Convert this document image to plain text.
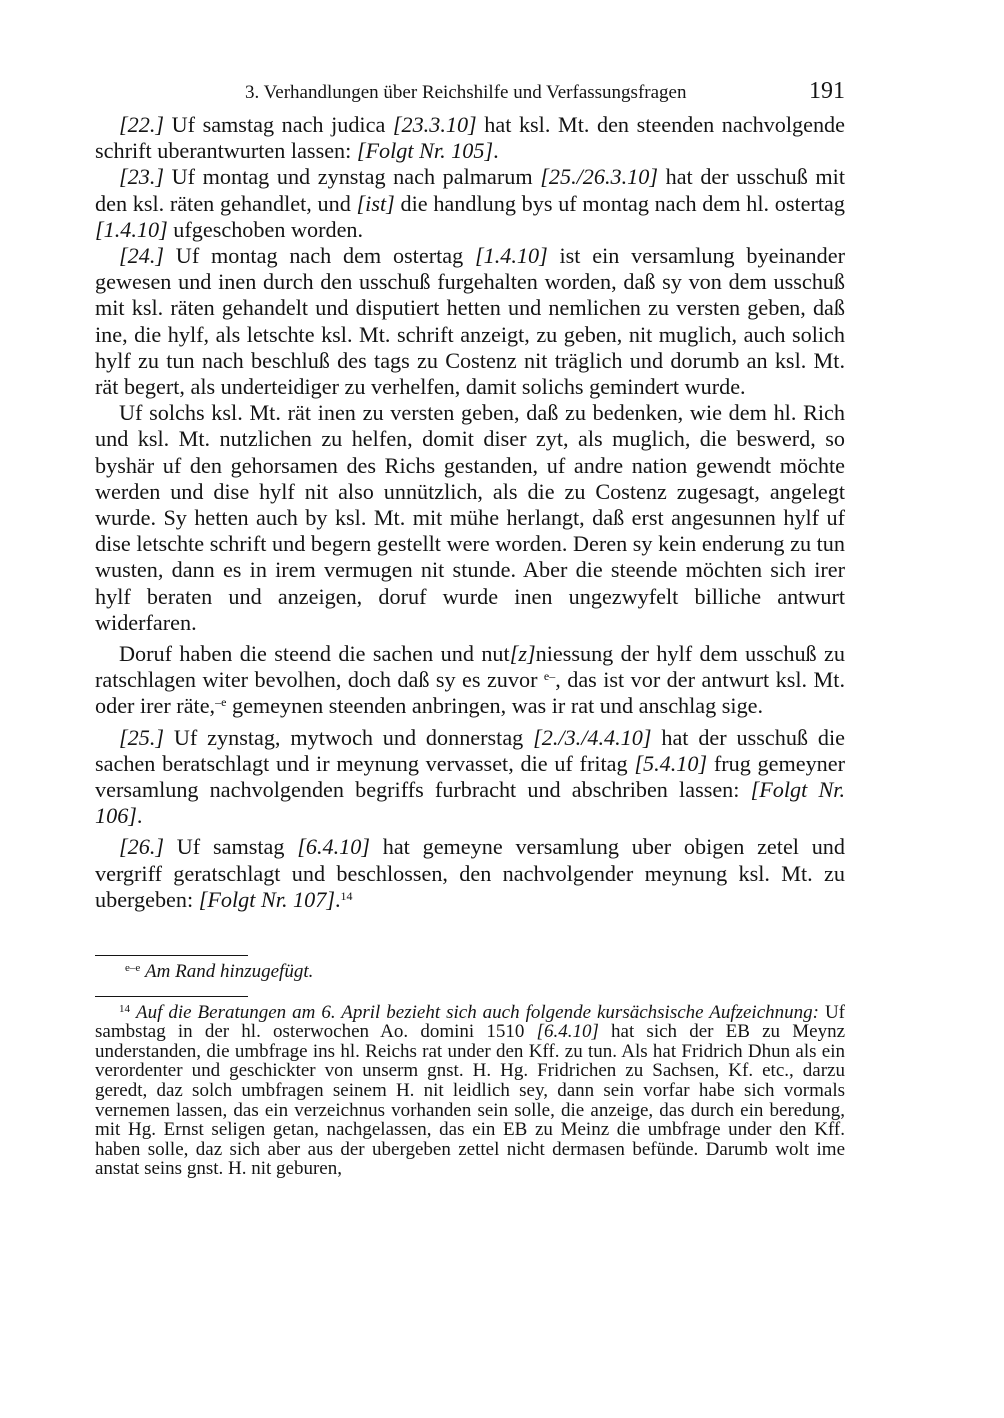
3. Verhandlungen über Reichshilfe und Verfassungsfragen	191

[22.] Uf samstag nach judica [23.3.10] hat ksl. Mt. den steenden nachvolgende schrift uberantwurten lassen: [Folgt Nr. 105].

[23.] Uf montag und zynstag nach palmarum [25./26.3.10] hat der usschuß mit den ksl. räten gehandlet, und [ist] die handlung bys uf montag nach dem hl. ostertag [1.4.10] ufgeschoben worden.

[24.] Uf montag nach dem ostertag [1.4.10] ist ein versamlung byeinander gewesen und inen durch den usschuß furgehalten worden, daß sy von dem usschuß mit ksl. räten gehandelt und disputiert hetten und nemlichen zu versten geben, daß ine, die hylf, als letschte ksl. Mt. schrift anzeigt, zu geben, nit muglich, auch solich hylf zu tun nach beschluß des tags zu Costenz nit träglich und dorumb an ksl. Mt. rät begert, als underteidiger zu verhelfen, damit solichs gemindert wurde.

Uf solchs ksl. Mt. rät inen zu versten geben, daß zu bedenken, wie dem hl. Rich und ksl. Mt. nutzlichen zu helfen, domit diser zyt, als muglich, die beswerd, so byshär uf den gehorsamen des Richs gestanden, uf andre nation gewendt möchte werden und dise hylf nit also unnützlich, als die zu Costenz zugesagt, angelegt wurde. Sy hetten auch by ksl. Mt. mit mühe herlangt, daß erst angesunnen hylf uf dise letschte schrift und begern gestellt were worden. Deren sy kein enderung zu tun wusten, dann es in irem vermugen nit stunde. Aber die steende möchten sich irer hylf beraten und anzeigen, doruf wurde inen ungezwyfelt billiche antwurt widerfaren.

Doruf haben die steend die sachen und nut[z]niessung der hylf dem usschuß zu ratschlagen witer bevolhen, doch daß sy es zuvor $^{e-}$, das ist vor der antwurt ksl. Mt. oder irer räte,$^{-e}$ gemeynen steenden anbringen, was ir rat und anschlag sige.

[25.] Uf zynstag, mytwoch und donnerstag [2./3./4.4.10] hat der usschuß die sachen beratschlagt und ir meynung vervasset, die uf fritag [5.4.10] frug gemeyner versamlung nachvolgenden begriffs furbracht und abschriben lassen: [Folgt Nr. 106].

[26.] Uf samstag [6.4.10] hat gemeyne versamlung uber obigen zetel und vergriff geratschlagt und beschlossen, den nachvolgender meynung ksl. Mt. zu ubergeben: [Folgt Nr. 107].$^{14}$

$^{e-e}$ Am Rand hinzugefügt.
$^{14}$ Auf die Beratungen am 6. April bezieht sich auch folgende kursächsische Aufzeichnung: Uf sambstag in der hl. osterwochen Ao. domini 1510 [6.4.10] hat sich der EB zu Meynz understanden, die umbfrage ins hl. Reichs rat under den Kff. zu tun. Als hat Fridrich Dhun als ein verordenter und geschickter von unserm gnst. H. Hg. Fridrichen zu Sachsen, Kf. etc., darzu geredt, daz solch umbfragen seinem H. nit leidlich sey, dann sein vorfar habe sich vormals vernemen lassen, das ein verzeichnus vorhanden sein solle, die anzeige, das durch ein beredung, mit Hg. Ernst seligen getan, nachgelassen, das ein EB zu Meinz die umbfrage under den Kff. haben solle, daz sich aber aus der ubergeben zettel nicht dermasen befünde. Darumb wolt ime anstat seins gnst. H. nit geburen,
